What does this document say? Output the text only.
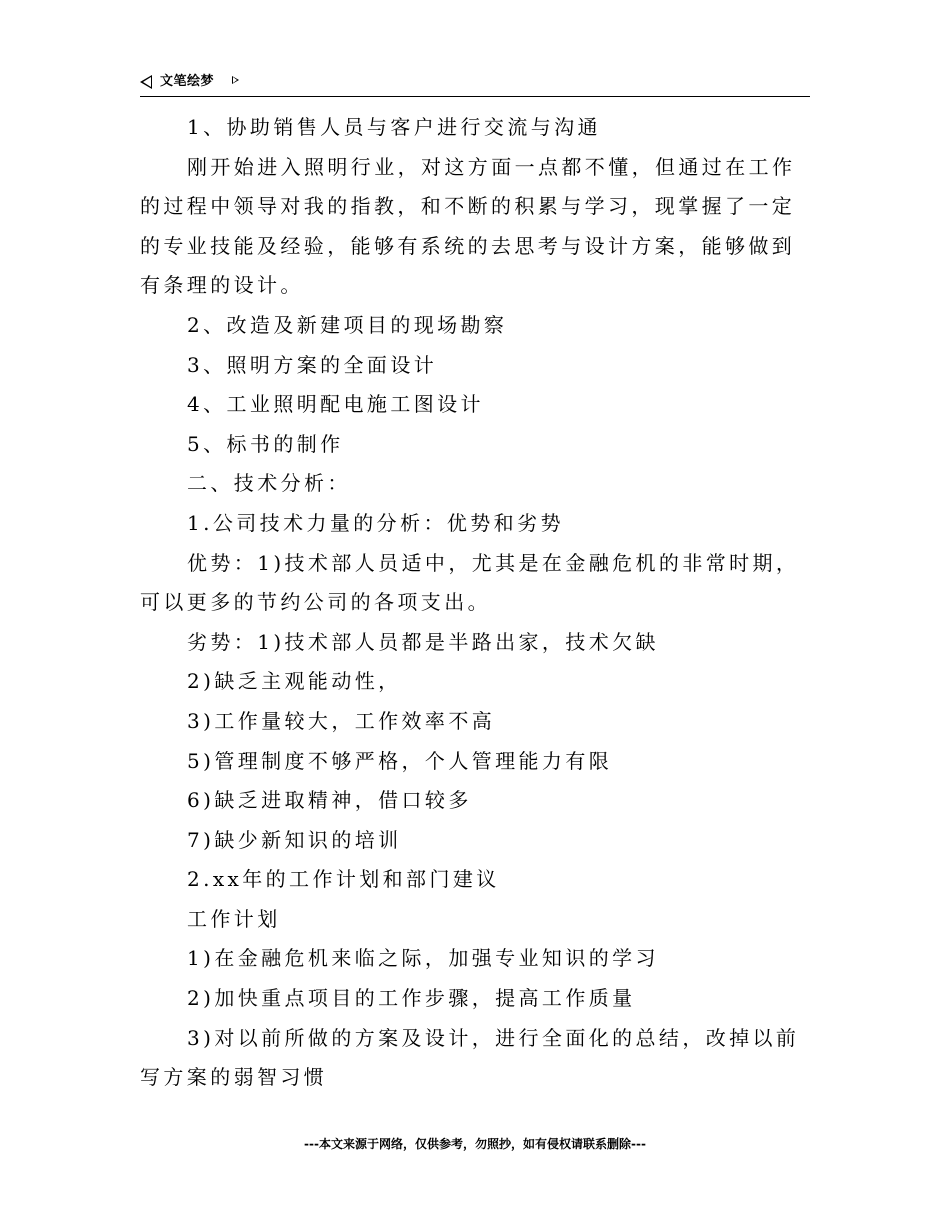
文笔绘梦
1、协助销售人员与客户进行交流与沟通
刚开始进入照明行业，对这方面一点都不懂，但通过在工作
的过程中领导对我的指教，和不断的积累与学习，现掌握了一定
的专业技能及经验，能够有系统的去思考与设计方案，能够做到
有条理的设计。
2、改造及新建项目的现场勘察
3、照明方案的全面设计
4、工业照明配电施工图设计
5、标书的制作
二、技术分析：
1.公司技术力量的分析：优势和劣势
优势：1)技术部人员适中，尤其是在金融危机的非常时期，
可以更多的节约公司的各项支出。
劣势：1)技术部人员都是半路出家，技术欠缺
2)缺乏主观能动性，
3)工作量较大，工作效率不高
5)管理制度不够严格，个人管理能力有限
6)缺乏进取精神，借口较多
7)缺少新知识的培训
2.xx年的工作计划和部门建议
工作计划
1)在金融危机来临之际，加强专业知识的学习
2)加快重点项目的工作步骤，提高工作质量
3)对以前所做的方案及设计，进行全面化的总结，改掉以前
写方案的弱智习惯
---本文来源于网络，仅供参考，勿照抄，如有侵权请联系删除---
